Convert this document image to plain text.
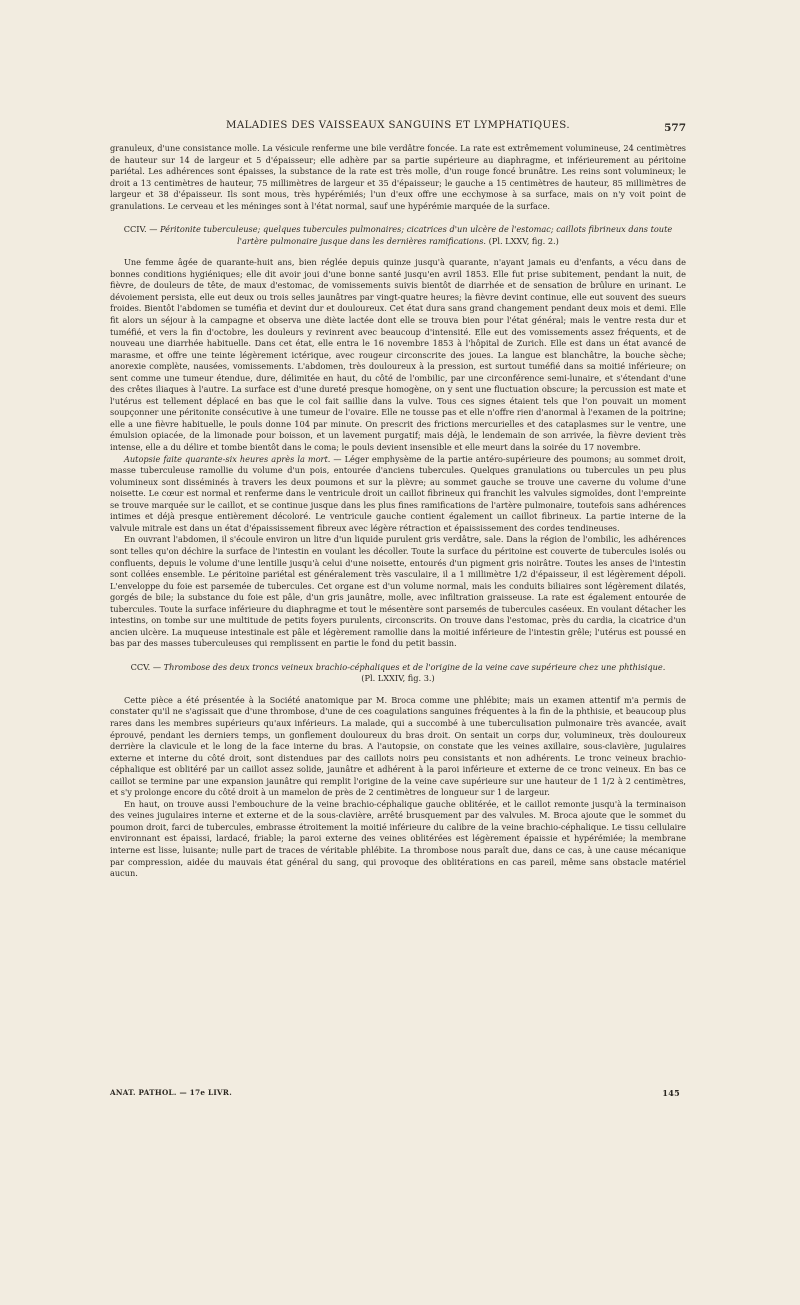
MALADIES DES VAISSEAUX SANGUINS ET LYMPHATIQUES.	577

granuleux, d'une consistance molle. La vésicule renferme une bile verdâtre foncée. La rate est extrêmement volumineuse, 24 centimètres de hauteur sur 14 de largeur et 5 d'épaisseur; elle adhère par sa partie supérieure au diaphragme, et inférieurement au péritoine pariétal. Les adhérences sont épaisses, la substance de la rate est très molle, d'un rouge foncé brunâtre. Les reins sont volumineux; le droit a 13 centimètres de hauteur, 75 millimètres de largeur et 35 d'épaisseur; le gauche a 15 centimètres de hauteur, 85 millimètres de largeur et 38 d'épaisseur. Ils sont mous, très hypérémiés; l'un d'eux offre une ecchymose à sa surface, mais on n'y voit point de granulations. Le cerveau et les méninges sont à l'état normal, sauf une hypérémie marquée de la surface.

CCIV. — Péritonite tuberculeuse; quelques tubercules pulmonaires; cicatrices d'un ulcère de l'estomac; caillots fibrineux dans toute l'artère pulmonaire jusque dans les dernières ramifications. (Pl. LXXV, fig. 2.)

Une femme âgée de quarante-huit ans, bien réglée depuis quinze jusqu'à quarante, n'ayant jamais eu d'enfants, a vécu dans de bonnes conditions hygiéniques; elle dit avoir joui d'une bonne santé jusqu'en avril 1853. Elle fut prise subitement, pendant la nuit, de fièvre, de douleurs de tête, de maux d'estomac, de vomissements suivis bientôt de diarrhée et de sensation de brûlure en urinant. Le dévoiement persista, elle eut deux ou trois selles jaunâtres par vingt-quatre heures; la fièvre devint continue, elle eut souvent des sueurs froides. Bientôt l'abdomen se tuméfia et devint dur et douloureux. Cet état dura sans grand changement pendant deux mois et demi. Elle fit alors un séjour à la campagne et observa une diète lactée dont elle se trouva bien pour l'état général; mais le ventre resta dur et tuméfié, et vers la fin d'octobre, les douleurs y revinrent avec beaucoup d'intensité. Elle eut des vomissements assez fréquents, et de nouveau une diarrhée habituelle. Dans cet état, elle entra le 16 novembre 1853 à l'hôpital de Zurich. Elle est dans un état avancé de marasme, et offre une teinte légèrement ictérique, avec rougeur circonscrite des joues. La langue est blanchâtre, la bouche sèche; anorexie complète, nausées, vomissements. L'abdomen, très douloureux à la pression, est surtout tuméfié dans sa moitié inférieure; on sent comme une tumeur étendue, dure, délimitée en haut, du côté de l'ombilic, par une circonférence semi-lunaire, et s'étendant d'une des crêtes iliaques à l'autre. La surface est d'une dureté presque homogène, on y sent une fluctuation obscure; la percussion est mate et l'utérus est tellement déplacé en bas que le col fait saillie dans la vulve. Tous ces signes étaient tels que l'on pouvait un moment soupçonner une péritonite consécutive à une tumeur de l'ovaire. Elle ne tousse pas et elle n'offre rien d'anormal à l'examen de la poitrine; elle a une fièvre habituelle, le pouls donne 104 par minute. On prescrit des frictions mercurielles et des cataplasmes sur le ventre, une émulsion opiacée, de la limonade pour boisson, et un lavement purgatif; mais déjà, le lendemain de son arrivée, la fièvre devient très intense, elle a du délire et tombe bientôt dans le coma; le pouls devient insensible et elle meurt dans la soirée du 17 novembre.

Autopsie faite quarante-six heures après la mort. — Léger emphysème de la partie antéro-supérieure des poumons; au sommet droit, masse tuberculeuse ramollie du volume d'un pois, entourée d'anciens tubercules. Quelques granulations ou tubercules un peu plus volumineux sont disséminés à travers les deux poumons et sur la plèvre; au sommet gauche se trouve une caverne du volume d'une noisette. Le cœur est normal et renferme dans le ventricule droit un caillot fibrineux qui franchit les valvules sigmoïdes, dont l'empreinte se trouve marquée sur le caillot, et se continue jusque dans les plus fines ramifications de l'artère pulmonaire, toutefois sans adhérences intimes et déjà presque entièrement décoloré. Le ventricule gauche contient également un caillot fibrineux. La partie interne de la valvule mitrale est dans un état d'épaississement fibreux avec légère rétraction et épaississement des cordes tendineuses.

En ouvrant l'abdomen, il s'écoule environ un litre d'un liquide purulent gris verdâtre, sale. Dans la région de l'ombilic, les adhérences sont telles qu'on déchire la surface de l'intestin en voulant les décoller. Toute la surface du péritoine est couverte de tubercules isolés ou confluents, depuis le volume d'une lentille jusqu'à celui d'une noisette, entourés d'un pigment gris noirâtre. Toutes les anses de l'intestin sont collées ensemble. Le péritoine pariétal est généralement très vasculaire, il a 1 millimètre 1/2 d'épaisseur, il est légèrement dépoli. L'enveloppe du foie est parsemée de tubercules. Cet organe est d'un volume normal, mais les conduits biliaires sont légèrement dilatés, gorgés de bile; la substance du foie est pâle, d'un gris jaunâtre, molle, avec infiltration graisseuse. La rate est également entourée de tubercules. Toute la surface inférieure du diaphragme et tout le mésentère sont parsemés de tubercules caséeux. En voulant détacher les intestins, on tombe sur une multitude de petits foyers purulents, circonscrits. On trouve dans l'estomac, près du cardia, la cicatrice d'un ancien ulcère. La muqueuse intestinale est pâle et légèrement ramollie dans la moitié inférieure de l'intestin grêle; l'utérus est poussé en bas par des masses tuberculeuses qui remplissent en partie le fond du petit bassin.

CCV. — Thrombose des deux troncs veineux brachio-céphaliques et de l'origine de la veine cave supérieure chez une phthisique.
(Pl. LXXIV, fig. 3.)

Cette pièce a été présentée à la Société anatomique par M. Broca comme une phlébite; mais un examen attentif m'a permis de constater qu'il ne s'agissait que d'une thrombose, d'une de ces coagulations sanguines fréquentes à la fin de la phthisie, et beaucoup plus rares dans les membres supérieurs qu'aux inférieurs. La malade, qui a succombé à une tuberculisation pulmonaire très avancée, avait éprouvé, pendant les derniers temps, un gonflement douloureux du bras droit. On sentait un corps dur, volumineux, très douloureux derrière la clavicule et le long de la face interne du bras. A l'autopsie, on constate que les veines axillaire, sous-clavière, jugulaires externe et interne du côté droit, sont distendues par des caillots noirs peu consistants et non adhérents. Le tronc veineux brachio-céphalique est oblitéré par un caillot assez solide, jaunâtre et adhérent à la paroi inférieure et externe de ce tronc veineux. En bas ce caillot se termine par une expansion jaunâtre qui remplit l'origine de la veine cave supérieure sur une hauteur de 1 1/2 à 2 centimètres, et s'y prolonge encore du côté droit à un mamelon de près de 2 centimètres de longueur sur 1 de largeur.

En haut, on trouve aussi l'embouchure de la veine brachio-céphalique gauche oblitérée, et le caillot remonte jusqu'à la terminaison des veines jugulaires interne et externe et de la sous-clavière, arrêté brusquement par des valvules. M. Broca ajoute que le sommet du poumon droit, farci de tubercules, embrasse étroitement la moitié inférieure du calibre de la veine brachio-céphalique. Le tissu cellulaire environnant est épaissi, lardacé, friable; la paroi externe des veines oblitérées est légèrement épaissie et hypérémiée; la membrane interne est lisse, luisante; nulle part de traces de véritable phlébite. La thrombose nous paraît due, dans ce cas, à une cause mécanique par compression, aidée du mauvais état général du sang, qui provoque des oblitérations en cas pareil, même sans obstacle matériel aucun.

ANAT. PATHOL. — 17e LIVR.	145
